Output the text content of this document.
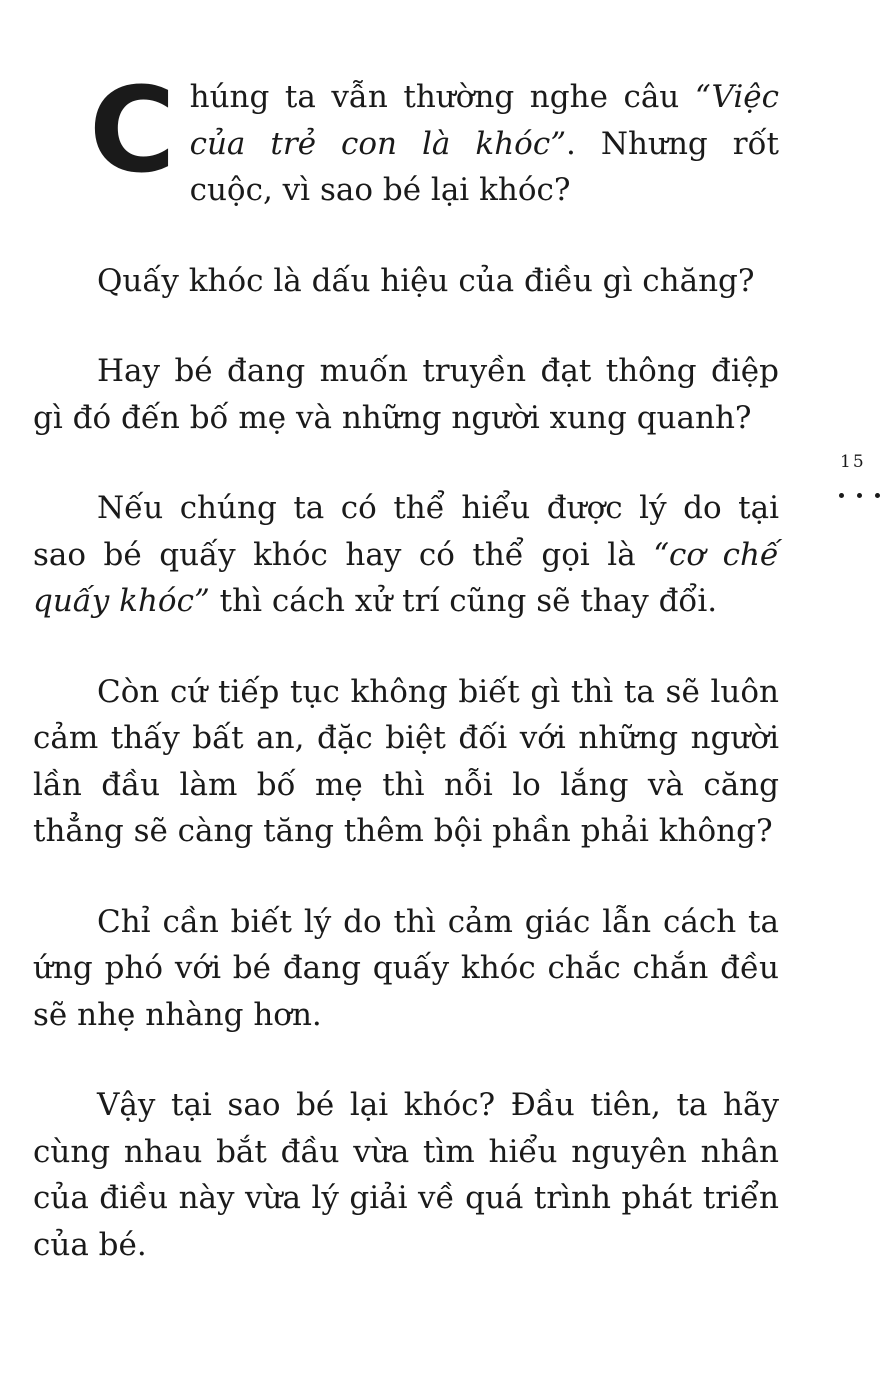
Chúng ta vẫn thường nghe câu “Việc của trẻ con là khóc”. Nhưng rốt cuộc, vì sao bé lại khóc?

Quấy khóc là dấu hiệu của điều gì chăng?

Hay bé đang muốn truyền đạt thông điệp gì đó đến bố mẹ và những người xung quanh?

Nếu chúng ta có thể hiểu được lý do tại sao bé quấy khóc hay có thể gọi là “cơ chế quấy khóc” thì cách xử trí cũng sẽ thay đổi.

Còn cứ tiếp tục không biết gì thì ta sẽ luôn cảm thấy bất an, đặc biệt đối với những người lần đầu làm bố mẹ thì nỗi lo lắng và căng thẳng sẽ càng tăng thêm bội phần phải không?

Chỉ cần biết lý do thì cảm giác lẫn cách ta ứng phó với bé đang quấy khóc chắc chắn đều sẽ nhẹ nhàng hơn.

Vậy tại sao bé lại khóc? Đầu tiên, ta hãy cùng nhau bắt đầu vừa tìm hiểu nguyên nhân của điều này vừa lý giải về quá trình phát triển của bé.

15
